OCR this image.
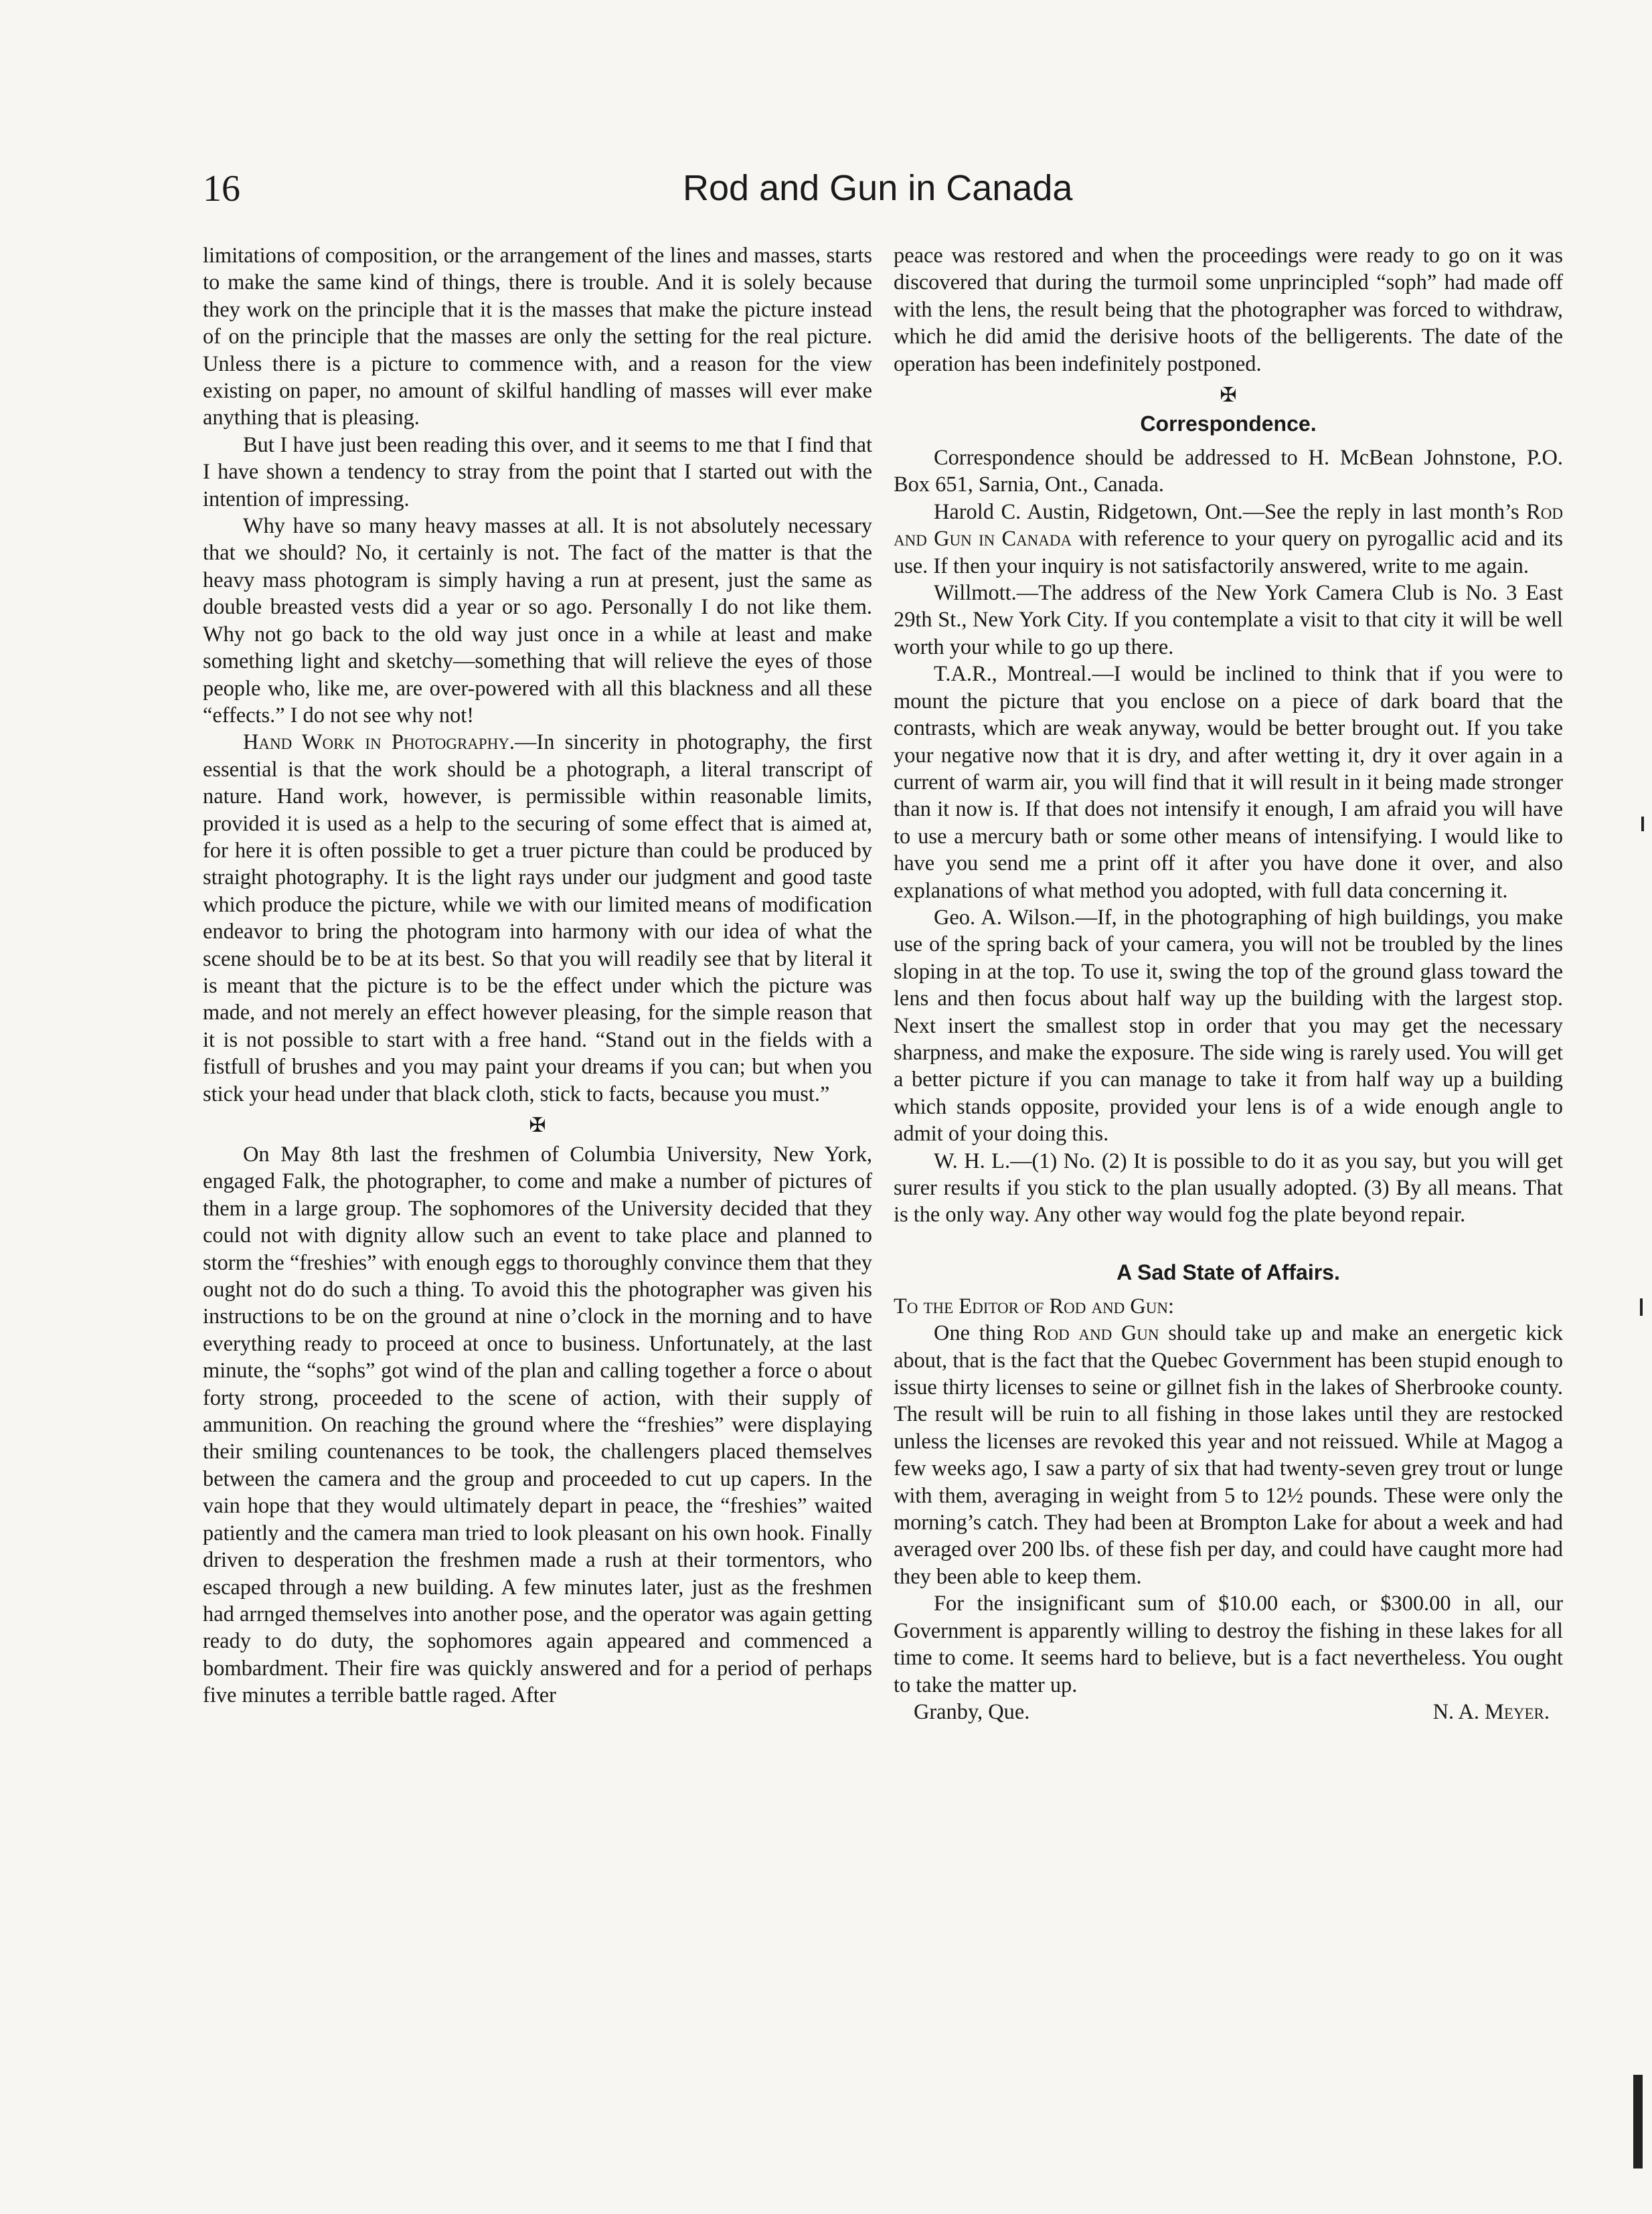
16	Rod and Gun in Canada

limitations of composition, or the arrangement of the lines and masses, starts to make the same kind of things, there is trouble. And it is solely because they work on the principle that it is the masses that make the picture instead of on the principle that the masses are only the setting for the real picture. Unless there is a picture to commence with, and a reason for the view existing on paper, no amount of skilful handling of masses will ever make anything that is pleasing.

But I have just been reading this over, and it seems to me that I find that I have shown a tendency to stray from the point that I started out with the intention of impressing.

Why have so many heavy masses at all. It is not absolutely necessary that we should? No, it certainly is not. The fact of the matter is that the heavy mass photogram is simply having a run at present, just the same as double breasted vests did a year or so ago. Personally I do not like them. Why not go back to the old way just once in a while at least and make something light and sketchy—something that will relieve the eyes of those people who, like me, are over-powered with all this blackness and all these “effects.” I do not see why not!

Hand Work in Photography.—In sincerity in photography, the first essential is that the work should be a photograph, a literal transcript of nature. Hand work, however, is permissible within reasonable limits, provided it is used as a help to the securing of some effect that is aimed at, for here it is often possible to get a truer picture than could be produced by straight photography. It is the light rays under our judgment and good taste which produce the picture, while we with our limited means of modification endeavor to bring the photogram into harmony with our idea of what the scene should be to be at its best. So that you will readily see that by literal it is meant that the picture is to be the effect under which the picture was made, and not merely an effect however pleasing, for the simple reason that it is not possible to start with a free hand. “Stand out in the fields with a fistfull of brushes and you may paint your dreams if you can; but when you stick your head under that black cloth, stick to facts, because you must.”

✠

On May 8th last the freshmen of Columbia University, New York, engaged Falk, the photographer, to come and make a number of pictures of them in a large group. The sophomores of the University decided that they could not with dignity allow such an event to take place and planned to storm the “freshies” with enough eggs to thoroughly convince them that they ought not do do such a thing. To avoid this the photographer was given his instructions to be on the ground at nine o’clock in the morning and to have everything ready to proceed at once to business. Unfortunately, at the last minute, the “sophs” got wind of the plan and calling together a force o about forty strong, proceeded to the scene of action, with their supply of ammunition. On reaching the ground where the “freshies” were displaying their smiling countenances to be took, the challengers placed themselves between the camera and the group and proceeded to cut up capers. In the vain hope that they would ultimately depart in peace, the “freshies” waited patiently and the camera man tried to look pleasant on his own hook. Finally driven to desperation the freshmen made a rush at their tormentors, who escaped through a new building. A few minutes later, just as the freshmen had arrnged themselves into another pose, and the operator was again getting ready to do duty, the sophomores again appeared and commenced a bombardment. Their fire was quickly answered and for a period of perhaps five minutes a terrible battle raged. After

peace was restored and when the proceedings were ready to go on it was discovered that during the turmoil some unprincipled “soph” had made off with the lens, the result being that the photographer was forced to withdraw, which he did amid the derisive hoots of the belligerents. The date of the operation has been indefinitely postponed.

✠
Correspondence.

Correspondence should be addressed to H. McBean Johnstone, P.O. Box 651, Sarnia, Ont., Canada.

Harold C. Austin, Ridgetown, Ont.—See the reply in last month’s Rod and Gun in Canada with reference to your query on pyrogallic acid and its use. If then your inquiry is not satisfactorily answered, write to me again.

Willmott.—The address of the New York Camera Club is No. 3 East 29th St., New York City. If you contemplate a visit to that city it will be well worth your while to go up there.

T.A.R., Montreal.—I would be inclined to think that if you were to mount the picture that you enclose on a piece of dark board that the contrasts, which are weak anyway, would be better brought out. If you take your negative now that it is dry, and after wetting it, dry it over again in a current of warm air, you will find that it will result in it being made stronger than it now is. If that does not intensify it enough, I am afraid you will have to use a mercury bath or some other means of intensifying. I would like to have you send me a print off it after you have done it over, and also explanations of what method you adopted, with full data concerning it.

Geo. A. Wilson.—If, in the photographing of high buildings, you make use of the spring back of your camera, you will not be troubled by the lines sloping in at the top. To use it, swing the top of the ground glass toward the lens and then focus about half way up the building with the largest stop. Next insert the smallest stop in order that you may get the necessary sharpness, and make the exposure. The side wing is rarely used. You will get a better picture if you can manage to take it from half way up a building which stands opposite, provided your lens is of a wide enough angle to admit of your doing this.

W. H. L.—(1) No. (2) It is possible to do it as you say, but you will get surer results if you stick to the plan usually adopted. (3) By all means. That is the only way. Any other way would fog the plate beyond repair.

A Sad State of Affairs.

To the Editor of Rod and Gun:

One thing Rod and Gun should take up and make an energetic kick about, that is the fact that the Quebec Government has been stupid enough to issue thirty licenses to seine or gillnet fish in the lakes of Sherbrooke county. The result will be ruin to all fishing in those lakes until they are restocked unless the licenses are revoked this year and not reissued. While at Magog a few weeks ago, I saw a party of six that had twenty-seven grey trout or lunge with them, averaging in weight from 5 to 12½ pounds. These were only the morning’s catch. They had been at Brompton Lake for about a week and had averaged over 200 lbs. of these fish per day, and could have caught more had they been able to keep them.

For the insignificant sum of $10.00 each, or $300.00 in all, our Government is apparently willing to destroy the fishing in these lakes for all time to come. It seems hard to believe, but is a fact nevertheless. You ought to take the matter up.

Granby, Que.	N. A. Meyer.
